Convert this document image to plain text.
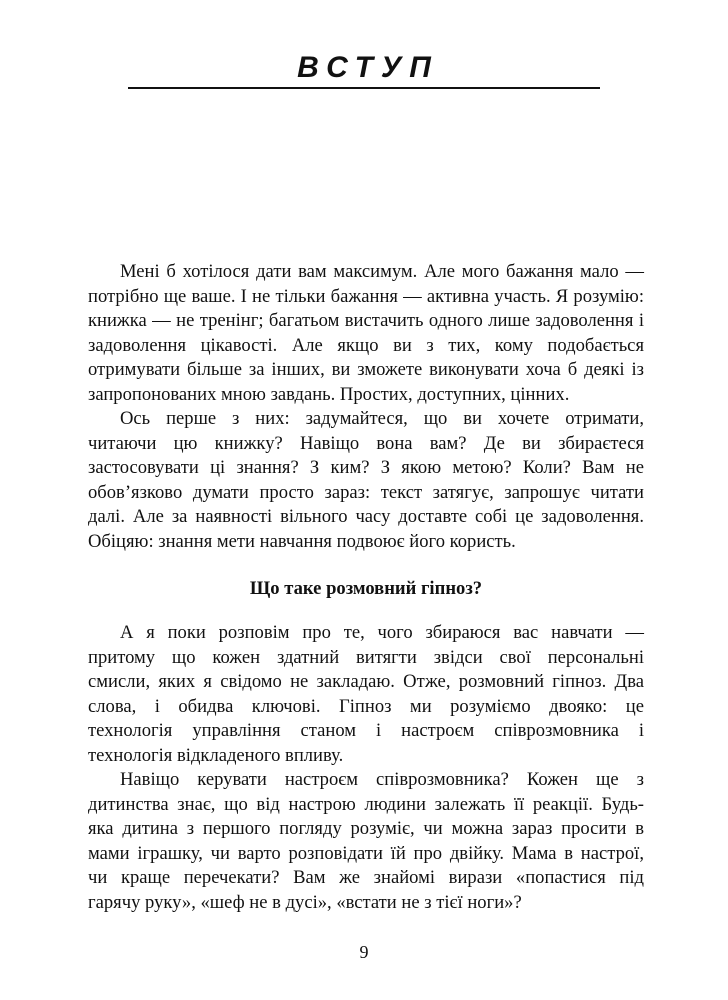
ВСТУП
Мені б хотілося дати вам максимум. Але мого бажання мало —
потрібно ще ваше. І не тільки бажання — активна участь. Я розумію:
книжка — не тренінг; багатьом вистачить одного лише задоволення і
задоволення цікавості. Але якщо ви з тих, кому подобається
отримувати більше за інших, ви зможете виконувати хоча б деякі із
запропонованих мною завдань. Простих, доступних, цінних.
Ось перше з них: задумайтеся, що ви хочете отримати,
читаючи цю книжку? Навіщо вона вам? Де ви збираєтеся
застосовувати ці знання? З ким? З якою метою? Коли? Вам не
обов’язково думати просто зараз: текст затягує, запрошує читати
далі. Але за наявності вільного часу доставте собі це задоволення.
Обіцяю: знання мети навчання подвоює його користь.
Що таке розмовний гіпноз?
А я поки розповім про те, чого збираюся вас навчати —
притому що кожен здатний витягти звідси свої персональні
смисли, яких я свідомо не закладаю. Отже, розмовний гіпноз. Два
слова, і обидва ключові. Гіпноз ми розуміємо двояко: це
технологія управління станом і настроєм співрозмовника і
технологія відкладеного впливу.
Навіщо керувати настроєм співрозмовника? Кожен ще з
дитинства знає, що від настрою людини залежать її реакції. Будь-
яка дитина з першого погляду розуміє, чи можна зараз просити в
мами іграшку, чи варто розповідати їй про двійку. Мама в настрої,
чи краще перечекати? Вам же знайомі вирази «попастися під
гарячу руку», «шеф не в дусі», «встати не з тієї ноги»?
9
